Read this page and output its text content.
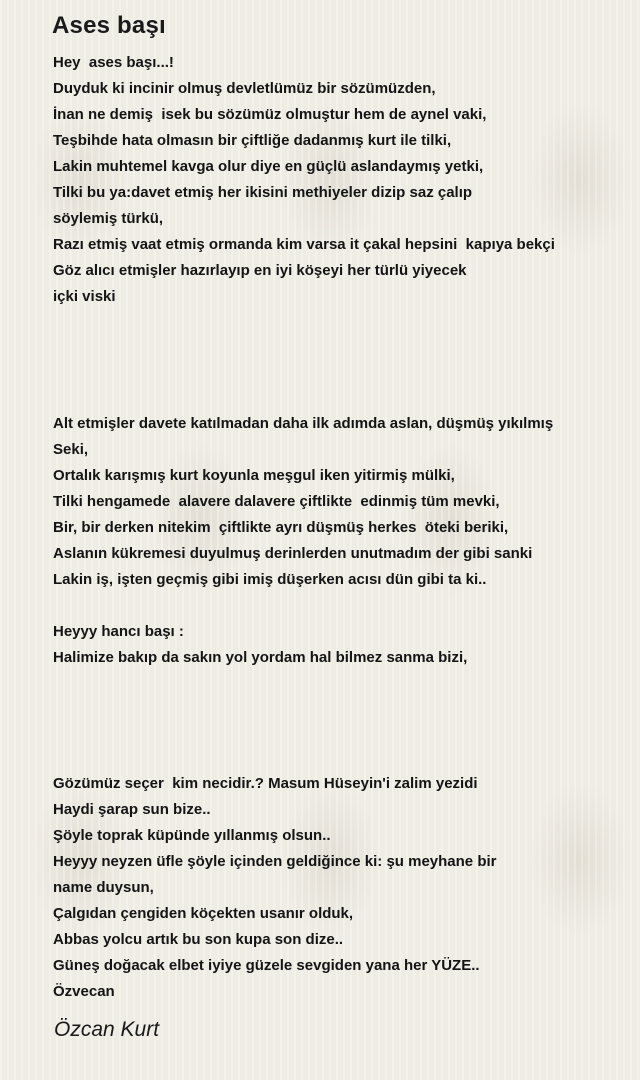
Ases başı
Hey  ases başı...!
Duyduk ki incinir olmuş devletlümüz bir sözümüzden,
İnan ne demiş  isek bu sözümüz olmuştur hem de aynel vaki,
Teşbihde hata olmasın bir çiftliğe dadanmış kurt ile tilki,
Lakin muhtemel kavga olur diye en güçlü aslandaymış yetki,
Tilki bu ya:davet etmiş her ikisini methiyeler dizip saz çalıp
söylemiş türkü,
Razı etmiş vaat etmiş ormanda kim varsa it çakal hepsini  kapıya bekçi
Göz alıcı etmişler hazırlayıp en iyi köşeyi her türlü yiyecek
içki viski
Alt etmişler davete katılmadan daha ilk adımda aslan, düşmüş yıkılmış
Seki,
Ortalık karışmış kurt koyunla meşgul iken yitirmiş mülki,
Tilki hengamede  alavere dalavere çiftlikte  edinmiş tüm mevki,
Bir, bir derken nitekim  çiftlikte ayrı düşmüş herkes  öteki beriki,
Aslanın kükremesi duyulmuş derinlerden unutmadım der gibi sanki
Lakin iş, işten geçmiş gibi imiş düşerken acısı dün gibi ta ki..
Heyyy hancı başı :
Halimize bakıp da sakın yol yordam hal bilmez sanma bizi,
Gözümüz seçer  kim necidir.? Masum Hüseyin'i zalim yezidi
Haydi şarap sun bize..
Şöyle toprak küpünde yıllanmış olsun..
Heyyy neyzen üfle şöyle içinden geldiğince ki: şu meyhane bir
name duysun,
Çalgıdan çengiden köçekten usanır olduk,
Abbas yolcu artık bu son kupa son dize..
Güneş doğacak elbet iyiye güzele sevgiden yana her YÜZE..
Özvecan
Özcan Kurt
